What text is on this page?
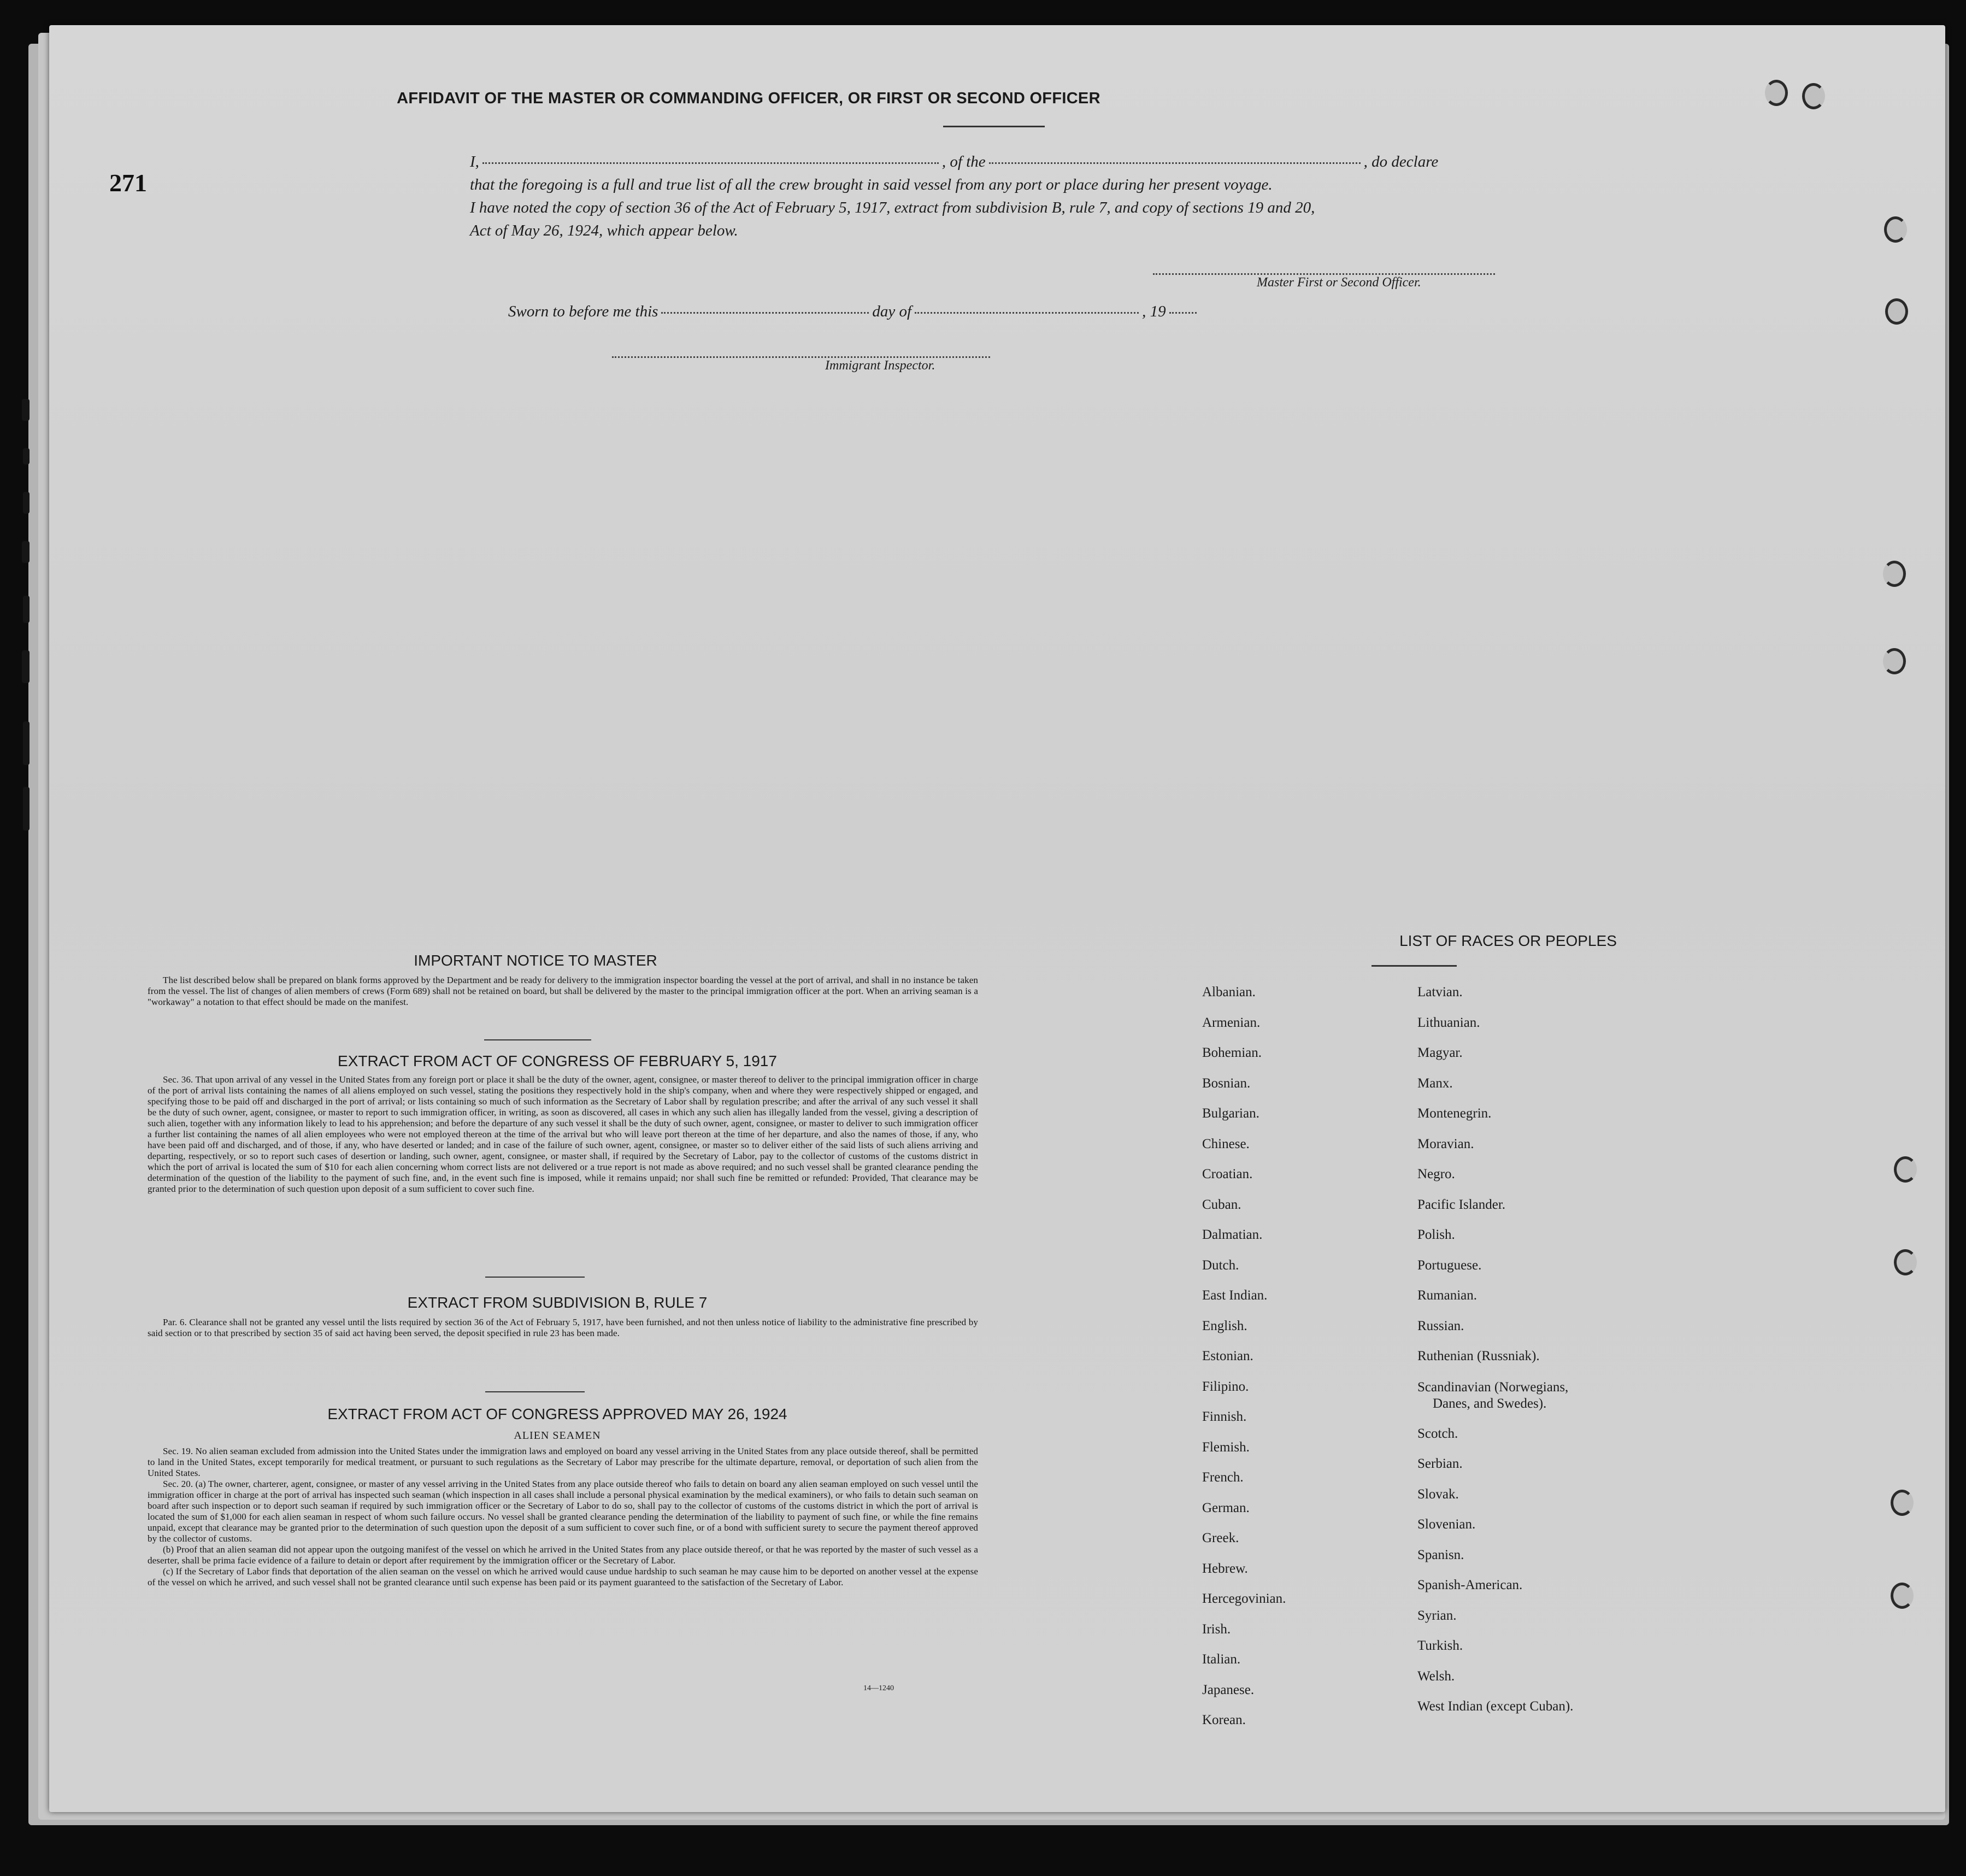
271
AFFIDAVIT OF THE MASTER OR COMMANDING OFFICER, OR FIRST OR SECOND OFFICER
I,	, of the	, do declare
that the foregoing is a full and true list of all the crew brought in said vessel from any port or place during her present voyage.
I have noted the copy of section 36 of the Act of February 5, 1917, extract from subdivision B, rule 7, and copy of sections 19 and 20,
Act of May 26, 1924, which appear below.
Master First or Second Officer.
Sworn to before me this	day of	, 19
Immigrant Inspector.
IMPORTANT NOTICE TO MASTER

The list described below shall be prepared on blank forms approved by the Department and be ready for delivery to the immigration inspector boarding the vessel at the port of arrival, and shall in no instance be taken from the vessel. The list of changes of alien members of crews (Form 689) shall not be retained on board, but shall be delivered by the master to the principal immigration officer at the port. When an arriving seaman is a "workaway" a notation to that effect should be made on the manifest.

EXTRACT FROM ACT OF CONGRESS OF FEBRUARY 5, 1917

Sec. 36. That upon arrival of any vessel in the United States from any foreign port or place it shall be the duty of the owner, agent, consignee, or master thereof to deliver to the principal immigration officer in charge of the port of arrival lists containing the names of all aliens employed on such vessel, stating the positions they respectively hold in the ship's company, when and where they were respectively shipped or engaged, and specifying those to be paid off and discharged in the port of arrival; or lists containing so much of such information as the Secretary of Labor shall by regulation prescribe; and after the arrival of any such vessel it shall be the duty of such owner, agent, consignee, or master to report to such immigration officer, in writing, as soon as discovered, all cases in which any such alien has illegally landed from the vessel, giving a description of such alien, together with any information likely to lead to his apprehension; and before the departure of any such vessel it shall be the duty of such owner, agent, consignee, or master to deliver to such immigration officer a further list containing the names of all alien employees who were not employed thereon at the time of the arrival but who will leave port thereon at the time of her departure, and also the names of those, if any, who have been paid off and discharged, and of those, if any, who have deserted or landed; and in case of the failure of such owner, agent, consignee, or master so to deliver either of the said lists of such aliens arriving and departing, respectively, or so to report such cases of desertion or landing, such owner, agent, consignee, or master shall, if required by the Secretary of Labor, pay to the collector of customs of the customs district in which the port of arrival is located the sum of $10 for each alien concerning whom correct lists are not delivered or a true report is not made as above required; and no such vessel shall be granted clearance pending the determination of the question of the liability to the payment of such fine, and, in the event such fine is imposed, while it remains unpaid; nor shall such fine be remitted or refunded: Provided, That clearance may be granted prior to the determination of such question upon deposit of a sum sufficient to cover such fine.

EXTRACT FROM SUBDIVISION B, RULE 7

Par. 6. Clearance shall not be granted any vessel until the lists required by section 36 of the Act of February 5, 1917, have been furnished, and not then unless notice of liability to the administrative fine prescribed by said section or to that prescribed by section 35 of said act having been served, the deposit specified in rule 23 has been made.

EXTRACT FROM ACT OF CONGRESS APPROVED MAY 26, 1924
ALIEN SEAMEN

Sec. 19. No alien seaman excluded from admission into the United States under the immigration laws and employed on board any vessel arriving in the United States from any place outside thereof, shall be permitted to land in the United States, except temporarily for medical treatment, or pursuant to such regulations as the Secretary of Labor may prescribe for the ultimate departure, removal, or deportation of such alien from the United States.

Sec. 20. (a) The owner, charterer, agent, consignee, or master of any vessel arriving in the United States from any place outside thereof who fails to detain on board any alien seaman employed on such vessel until the immigration officer in charge at the port of arrival has inspected such seaman (which inspection in all cases shall include a personal physical examination by the medical examiners), or who fails to detain such seaman on board after such inspection or to deport such seaman if required by such immigration officer or the Secretary of Labor to do so, shall pay to the collector of customs of the customs district in which the port of arrival is located the sum of $1,000 for each alien seaman in respect of whom such failure occurs. No vessel shall be granted clearance pending the determination of the liability to payment of such fine, or while the fine remains unpaid, except that clearance may be granted prior to the determination of such question upon the deposit of a sum sufficient to cover such fine, or of a bond with sufficient surety to secure the payment thereof approved by the collector of customs.

(b) Proof that an alien seaman did not appear upon the outgoing manifest of the vessel on which he arrived in the United States from any place outside thereof, or that he was reported by the master of such vessel as a deserter, shall be prima facie evidence of a failure to detain or deport after requirement by the immigration officer or the Secretary of Labor.

(c) If the Secretary of Labor finds that deportation of the alien seaman on the vessel on which he arrived would cause undue hardship to such seaman he may cause him to be deported on another vessel at the expense of the vessel on which he arrived, and such vessel shall not be granted clearance until such expense has been paid or its payment guaranteed to the satisfaction of the Secretary of Labor.

14—1240
LIST OF RACES OR PEOPLES
Albanian.
Armenian.
Bohemian.
Bosnian.
Bulgarian.
Chinese.
Croatian.
Cuban.
Dalmatian.
Dutch.
East Indian.
English.
Estonian.
Filipino.
Finnish.
Flemish.
French.
German.
Greek.
Hebrew.
Hercegovinian.
Irish.
Italian.
Japanese.
Korean.
Latvian.
Lithuanian.
Magyar.
Manx.
Montenegrin.
Moravian.
Negro.
Pacific Islander.
Polish.
Portuguese.
Rumanian.
Russian.
Ruthenian (Russniak).
Scandinavian (Norwegians,
Danes, and Swedes).
Scotch.
Serbian.
Slovak.
Slovenian.
Spanisn.
Spanish-American.
Syrian.
Turkish.
Welsh.
West Indian (except Cuban).
